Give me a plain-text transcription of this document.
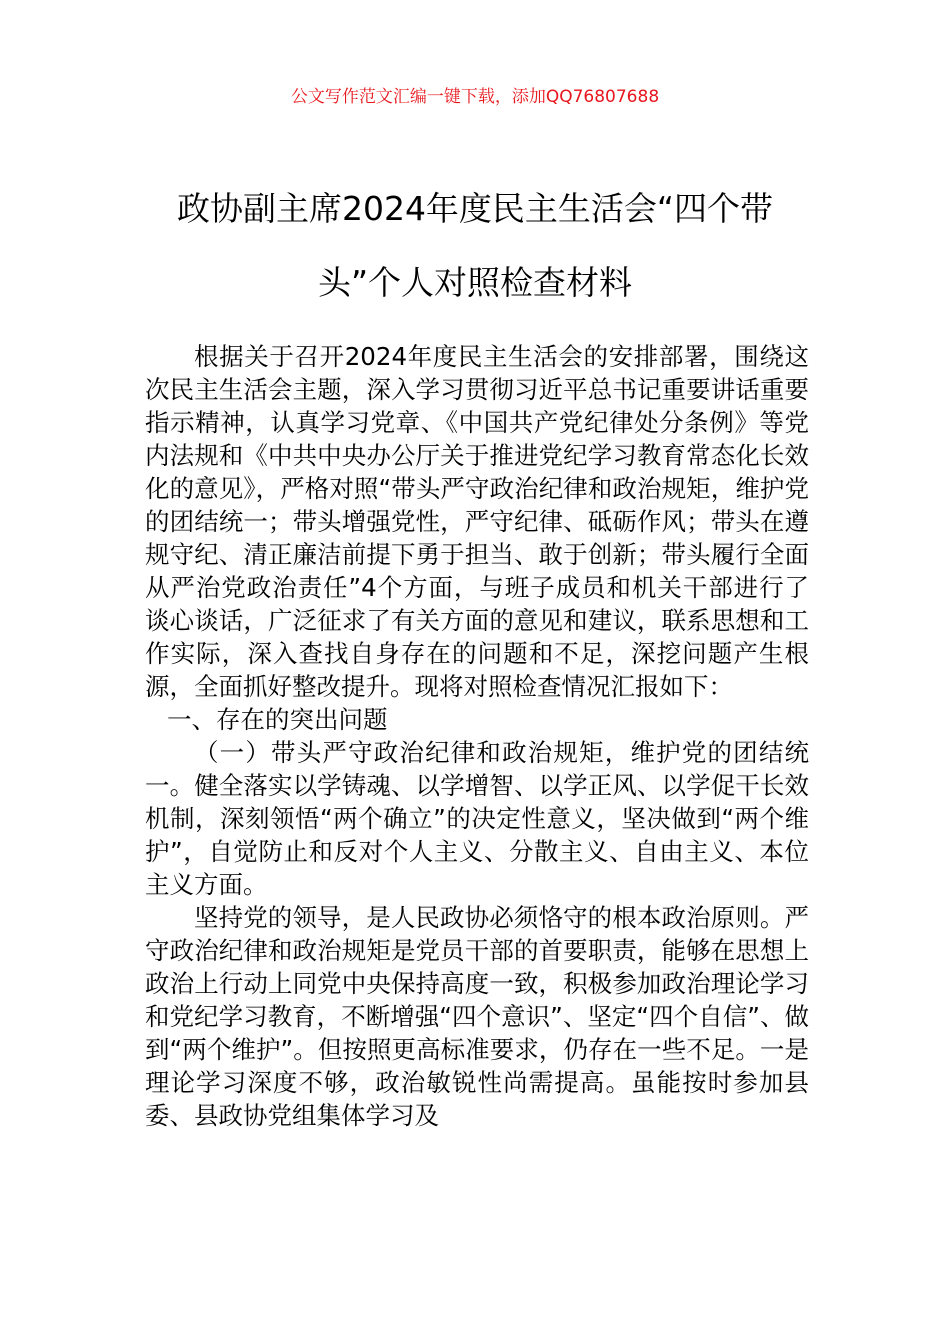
公文写作范文汇编一键下载，添加QQ76807688
政协副主席2024年度民主生活会“四个带头”个人对照检查材料

根据关于召开2024年度民主生活会的安排部署，围绕这次民主生活会主题，深入学习贯彻习近平总书记重要讲话重要指示精神，认真学习党章、《中国共产党纪律处分条例》等党内法规和《中共中央办公厅关于推进党纪学习教育常态化长效化的意见》，严格对照“带头严守政治纪律和政治规矩，维护党的团结统一；带头增强党性，严守纪律、砥砺作风；带头在遵规守纪、清正廉洁前提下勇于担当、敢于创新；带头履行全面从严治党政治责任”4个方面，与班子成员和机关干部进行了谈心谈话，广泛征求了有关方面的意见和建议，联系思想和工作实际，深入查找自身存在的问题和不足，深挖问题产生根源，全面抓好整改提升。现将对照检查情况汇报如下：

一、存在的突出问题

（一）带头严守政治纪律和政治规矩，维护党的团结统一。健全落实以学铸魂、以学增智、以学正风、以学促干长效机制，深刻领悟“两个确立”的决定性意义，坚决做到“两个维护”，自觉防止和反对个人主义、分散主义、自由主义、本位主义方面。

坚持党的领导，是人民政协必须恪守的根本政治原则。严守政治纪律和政治规矩是党员干部的首要职责，能够在思想上政治上行动上同党中央保持高度一致，积极参加政治理论学习和党纪学习教育，不断增强“四个意识”、坚定“四个自信”、做到“两个维护”。但按照更高标准要求，仍存在一些不足。一是理论学习深度不够，政治敏锐性尚需提高。虽能按时参加县委、县政协党组集体学习及
